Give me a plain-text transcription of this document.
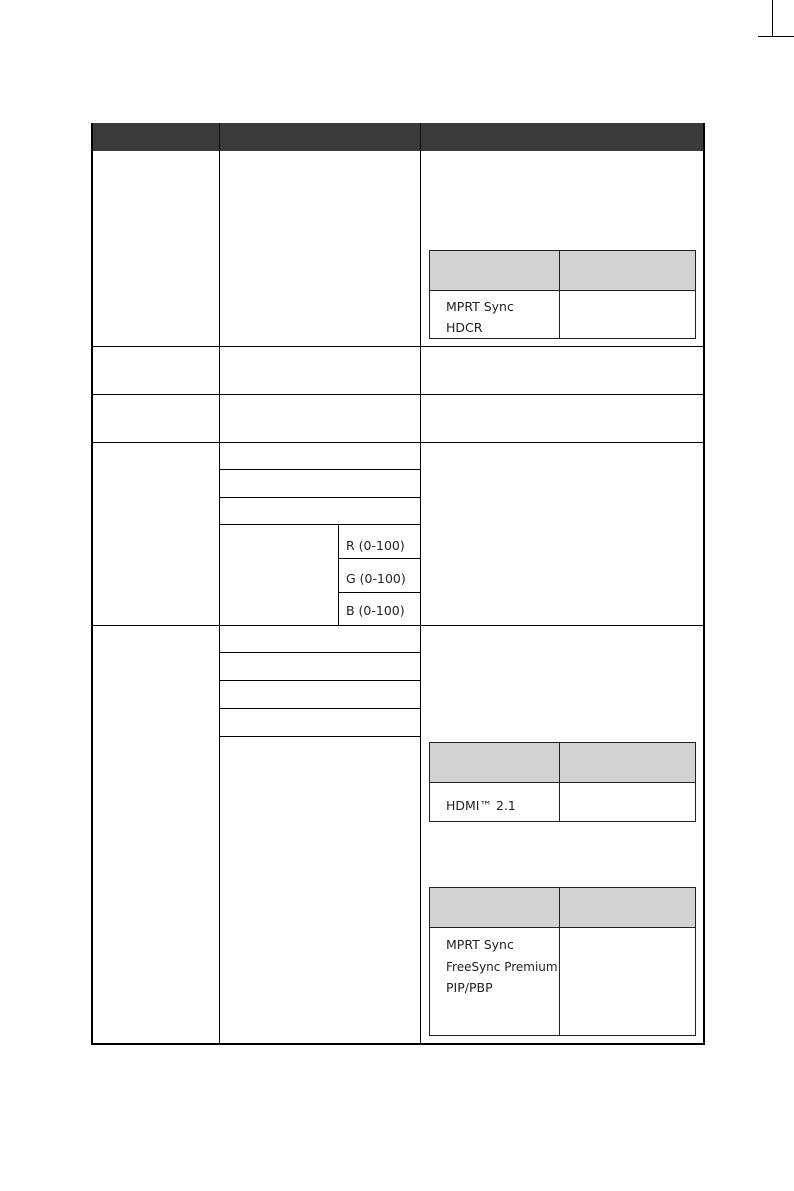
MPRT Sync
HDCR
R (0-100)
G (0-100)
B (0-100)
HDMI™ 2.1
MPRT Sync
FreeSync Premium
PIP/PBP
